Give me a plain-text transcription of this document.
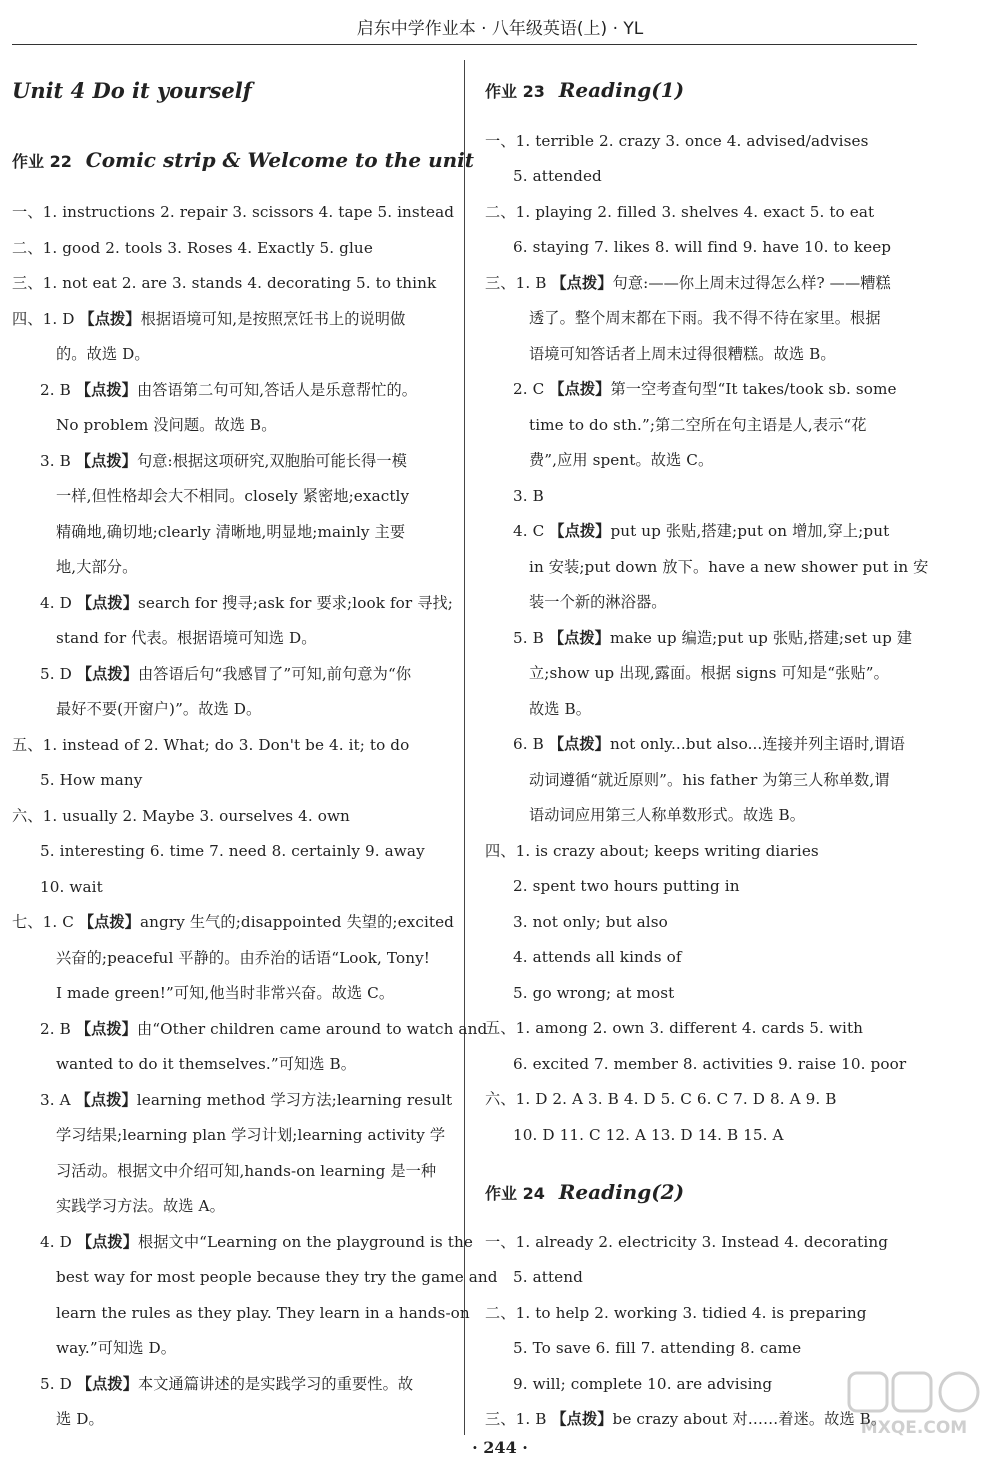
启东中学作业本 · 八年级英语(上) · YL
Unit 4 Do it yourself
作业 22 Comic strip & Welcome to the unit
一、1. instructions 2. repair 3. scissors 4. tape 5. instead
二、1. good 2. tools 3. Roses 4. Exactly 5. glue
三、1. not eat 2. are 3. stands 4. decorating 5. to think
四、1. D 【点拨】根据语境可知,是按照烹饪书上的说明做
的。故选 D。
2. B 【点拨】由答语第二句可知,答话人是乐意帮忙的。
No problem 没问题。故选 B。
3. B 【点拨】句意:根据这项研究,双胞胎可能长得一模
一样,但性格却会大不相同。closely 紧密地;exactly
精确地,确切地;clearly 清晰地,明显地;mainly 主要
地,大部分。
4. D 【点拨】search for 搜寻;ask for 要求;look for 寻找;
stand for 代表。根据语境可知选 D。
5. D 【点拨】由答语后句“我感冒了”可知,前句意为“你
最好不要(开窗户)”。故选 D。
五、1. instead of 2. What; do 3. Don't be 4. it; to do
5. How many
六、1. usually 2. Maybe 3. ourselves 4. own
5. interesting 6. time 7. need 8. certainly 9. away
10. wait
七、1. C 【点拨】angry 生气的;disappointed 失望的;excited
兴奋的;peaceful 平静的。由乔治的话语“Look, Tony!
I made green!”可知,他当时非常兴奋。故选 C。
2. B 【点拨】由“Other children came around to watch and
wanted to do it themselves.”可知选 B。
3. A 【点拨】learning method 学习方法;learning result
学习结果;learning plan 学习计划;learning activity 学
习活动。根据文中介绍可知,hands-on learning 是一种
实践学习方法。故选 A。
4. D 【点拨】根据文中“Learning on the playground is the
best way for most people because they try the game and
learn the rules as they play. They learn in a hands-on
way.”可知选 D。
5. D 【点拨】本文通篇讲述的是实践学习的重要性。故
选 D。
作业 23 Reading(1)
作业 24 Reading(2)
一、1. terrible 2. crazy 3. once 4. advised/advises
5. attended
二、1. playing 2. filled 3. shelves 4. exact 5. to eat
6. staying 7. likes 8. will find 9. have 10. to keep
三、1. B 【点拨】句意:——你上周末过得怎么样? ——糟糕
透了。整个周末都在下雨。我不得不待在家里。根据
语境可知答话者上周末过得很糟糕。故选 B。
2. C 【点拨】第一空考查句型“It takes/took sb. some
time to do sth.”;第二空所在句主语是人,表示“花
费”,应用 spent。故选 C。
3. B
4. C 【点拨】put up 张贴,搭建;put on 增加,穿上;put
in 安装;put down 放下。have a new shower put in 安
装一个新的淋浴器。
5. B 【点拨】make up 编造;put up 张贴,搭建;set up 建
立;show up 出现,露面。根据 signs 可知是“张贴”。
故选 B。
6. B 【点拨】not only...but also...连接并列主语时,谓语
动词遵循“就近原则”。his father 为第三人称单数,谓
语动词应用第三人称单数形式。故选 B。
四、1. is crazy about; keeps writing diaries
2. spent two hours putting in
3. not only; but also
4. attends all kinds of
5. go wrong; at most
五、1. among 2. own 3. different 4. cards 5. with
6. excited 7. member 8. activities 9. raise 10. poor
六、1. D 2. A 3. B 4. D 5. C 6. C 7. D 8. A 9. B
10. D 11. C 12. A 13. D 14. B 15. A
一、1. already 2. electricity 3. Instead 4. decorating
5. attend
二、1. to help 2. working 3. tidied 4. is preparing
5. To save 6. fill 7. attending 8. came
9. will; complete 10. are advising
三、1. B 【点拨】be crazy about 对……着迷。故选 B。
· 244 ·
MXQE.COM
